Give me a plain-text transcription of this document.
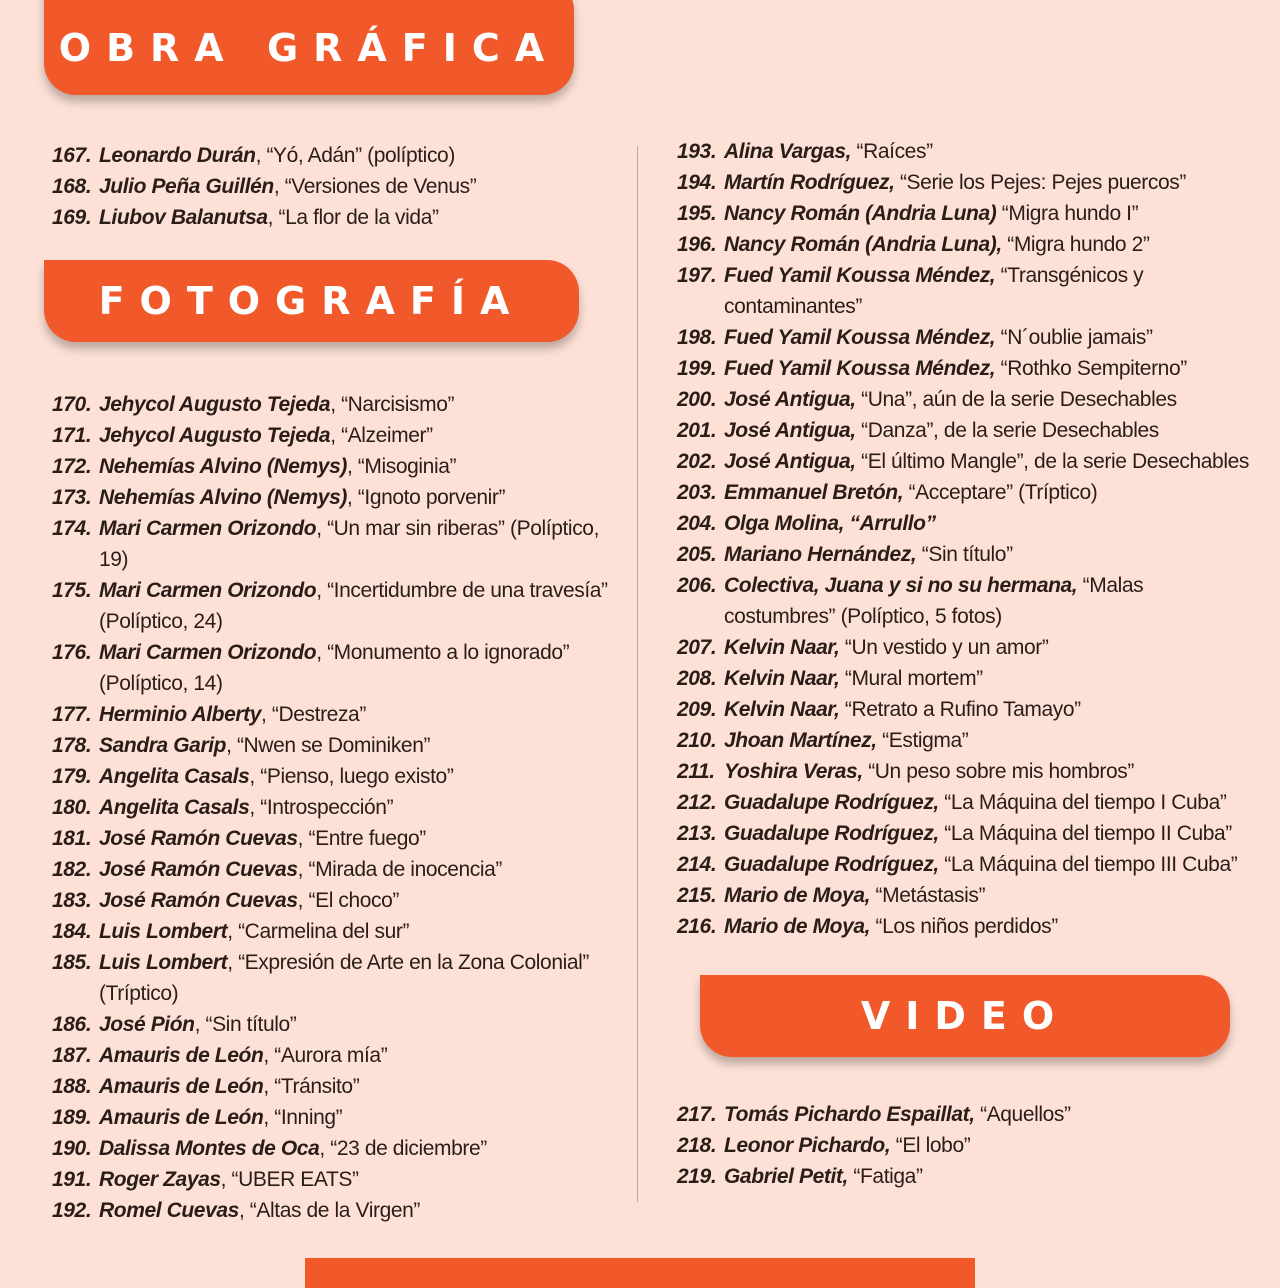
OBRA GRÁFICA
167. Leonardo Durán, “Yó, Adán” (políptico)
168. Julio Peña Guillén, “Versiones de Venus”
169. Liubov Balanutsa, “La flor de la vida”
FOTOGRAFÍA
170. Jehycol Augusto Tejeda, “Narcisismo”
171. Jehycol Augusto Tejeda, “Alzeimer”
172. Nehemías Alvino (Nemys), “Misoginia”
173. Nehemías Alvino (Nemys), “Ignoto porvenir”
174. Mari Carmen Orizondo, “Un mar sin riberas” (Políptico, 19)
175. Mari Carmen Orizondo, “Incertidumbre de una travesía” (Políptico, 24)
176. Mari Carmen Orizondo, “Monumento a lo ignorado” (Políptico, 14)
177. Herminio Alberty, “Destreza”
178. Sandra Garip, “Nwen se Dominiken”
179. Angelita Casals, “Pienso, luego existo”
180. Angelita Casals, “Introspección”
181. José Ramón Cuevas, “Entre fuego”
182. José Ramón Cuevas, “Mirada de inocencia”
183. José Ramón Cuevas, “El choco”
184. Luis Lombert, “Carmelina del sur”
185. Luis Lombert, “Expresión de Arte en la Zona Colonial” (Tríptico)
186. José Pión, “Sin título”
187. Amauris de León, “Aurora mía”
188. Amauris de León, “Tránsito”
189. Amauris de León, “Inning”
190. Dalissa Montes de Oca, “23 de diciembre”
191. Roger Zayas, “UBER EATS”
192. Romel Cuevas, “Altas de la Virgen”
193. Alina Vargas, “Raíces”
194. Martín Rodríguez, “Serie los Pejes: Pejes puercos”
195. Nancy Román (Andria Luna) “Migra hundo I”
196. Nancy Román (Andria Luna), “Migra hundo 2”
197. Fued Yamil Koussa Méndez, “Transgénicos y contaminantes”
198. Fued Yamil Koussa Méndez, “N´oublie jamais”
199. Fued Yamil Koussa Méndez, “Rothko Sempiterno”
200. José Antigua, “Una”, aún de la serie Desechables
201. José Antigua, “Danza”, de la serie Desechables
202. José Antigua, “El último Mangle”, de la serie Desechables
203. Emmanuel Bretón, “Acceptare” (Tríptico)
204. Olga Molina, “Arrullo”
205. Mariano Hernández, “Sin título”
206. Colectiva, Juana y si no su hermana, “Malas costumbres” (Políptico, 5 fotos)
207. Kelvin Naar, “Un vestido y un amor”
208. Kelvin Naar, “Mural mortem”
209. Kelvin Naar, “Retrato a Rufino Tamayo”
210. Jhoan Martínez, “Estigma”
211. Yoshira Veras, “Un peso sobre mis hombros”
212. Guadalupe Rodríguez, “La Máquina del tiempo I Cuba”
213. Guadalupe Rodríguez, “La Máquina del tiempo II Cuba”
214. Guadalupe Rodríguez, “La Máquina del tiempo III Cuba”
215. Mario de Moya, “Metástasis”
216. Mario de Moya, “Los niños perdidos”
VIDEO
217. Tomás Pichardo Espaillat, “Aquellos”
218. Leonor Pichardo, “El lobo”
219. Gabriel Petit, “Fatiga”
